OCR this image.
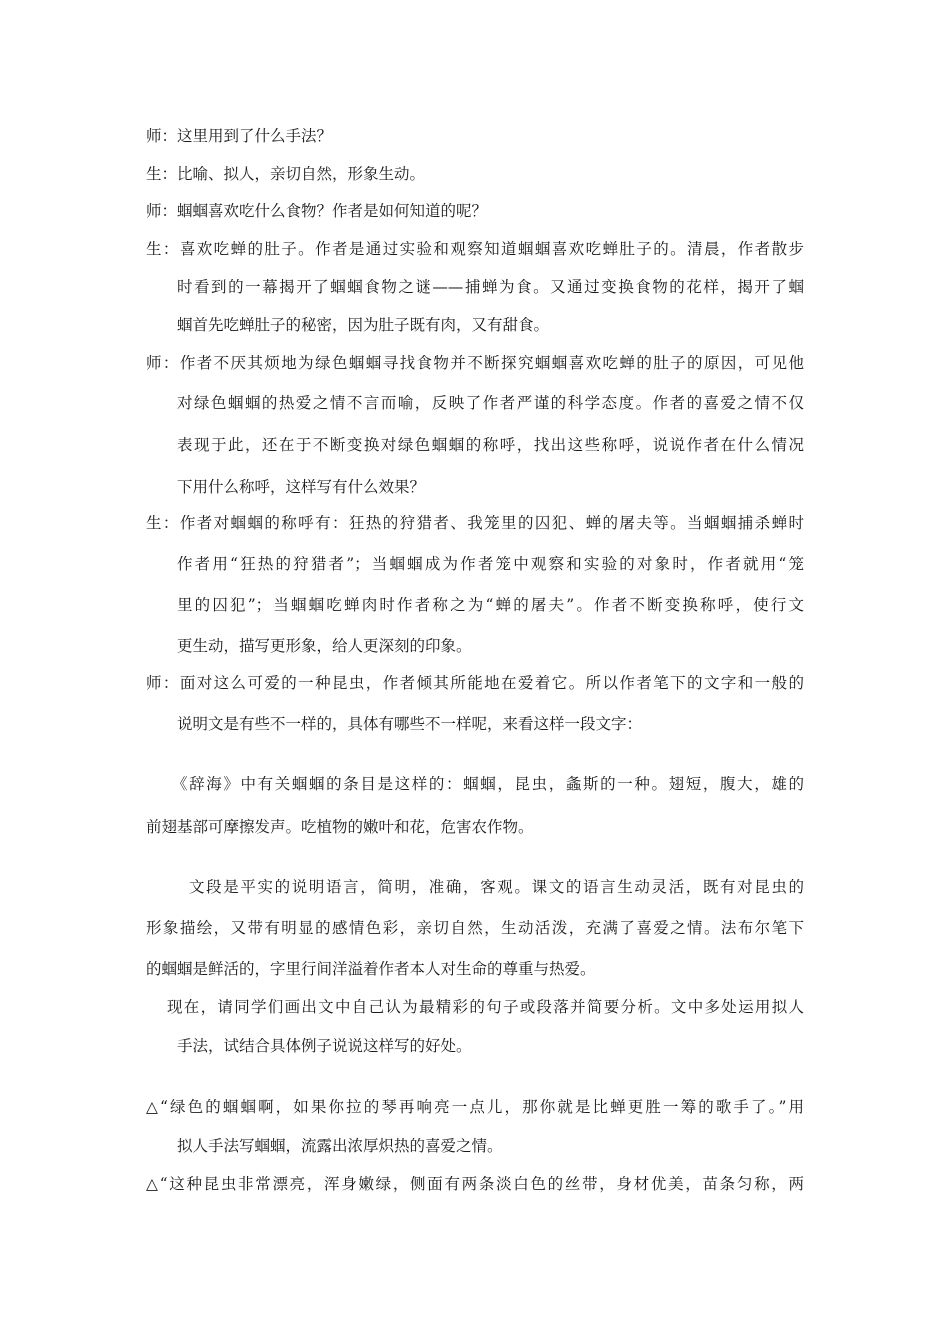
师：这里用到了什么手法？
生：比喻、拟人，亲切自然，形象生动。
师：蝈蝈喜欢吃什么食物？作者是如何知道的呢？
生：喜欢吃蝉的肚子。作者是通过实验和观察知道蝈蝈喜欢吃蝉肚子的。清晨，作者散步
时看到的一幕揭开了蝈蝈食物之谜——捕蝉为食。又通过变换食物的花样，揭开了蝈
蝈首先吃蝉肚子的秘密，因为肚子既有肉，又有甜食。
师：作者不厌其烦地为绿色蝈蝈寻找食物并不断探究蝈蝈喜欢吃蝉的肚子的原因，可见他
对绿色蝈蝈的热爱之情不言而喻，反映了作者严谨的科学态度。作者的喜爱之情不仅
表现于此，还在于不断变换对绿色蝈蝈的称呼，找出这些称呼，说说作者在什么情况
下用什么称呼，这样写有什么效果？
生：作者对蝈蝈的称呼有：狂热的狩猎者、我笼里的囚犯、蝉的屠夫等。当蝈蝈捕杀蝉时
作者用“狂热的狩猎者”；当蝈蝈成为作者笼中观察和实验的对象时，作者就用“笼
里的囚犯”；当蝈蝈吃蝉肉时作者称之为“蝉的屠夫”。作者不断变换称呼，使行文
更生动，描写更形象，给人更深刻的印象。
师：面对这么可爱的一种昆虫，作者倾其所能地在爱着它。所以作者笔下的文字和一般的
说明文是有些不一样的，具体有哪些不一样呢，来看这样一段文字：
《辞海》中有关蝈蝈的条目是这样的：蝈蝈，昆虫，螽斯的一种。翅短，腹大，雄的
前翅基部可摩擦发声。吃植物的嫩叶和花，危害农作物。
文段是平实的说明语言，简明，准确，客观。课文的语言生动灵活，既有对昆虫的
形象描绘，又带有明显的感情色彩，亲切自然，生动活泼，充满了喜爱之情。法布尔笔下
的蝈蝈是鲜活的，字里行间洋溢着作者本人对生命的尊重与热爱。
现在，请同学们画出文中自己认为最精彩的句子或段落并简要分析。文中多处运用拟人
手法，试结合具体例子说说这样写的好处。
△“绿色的蝈蝈啊，如果你拉的琴再响亮一点儿，那你就是比蝉更胜一筹的歌手了。”用
拟人手法写蝈蝈，流露出浓厚炽热的喜爱之情。
△“这种昆虫非常漂亮，浑身嫩绿，侧面有两条淡白色的丝带，身材优美，苗条匀称，两
